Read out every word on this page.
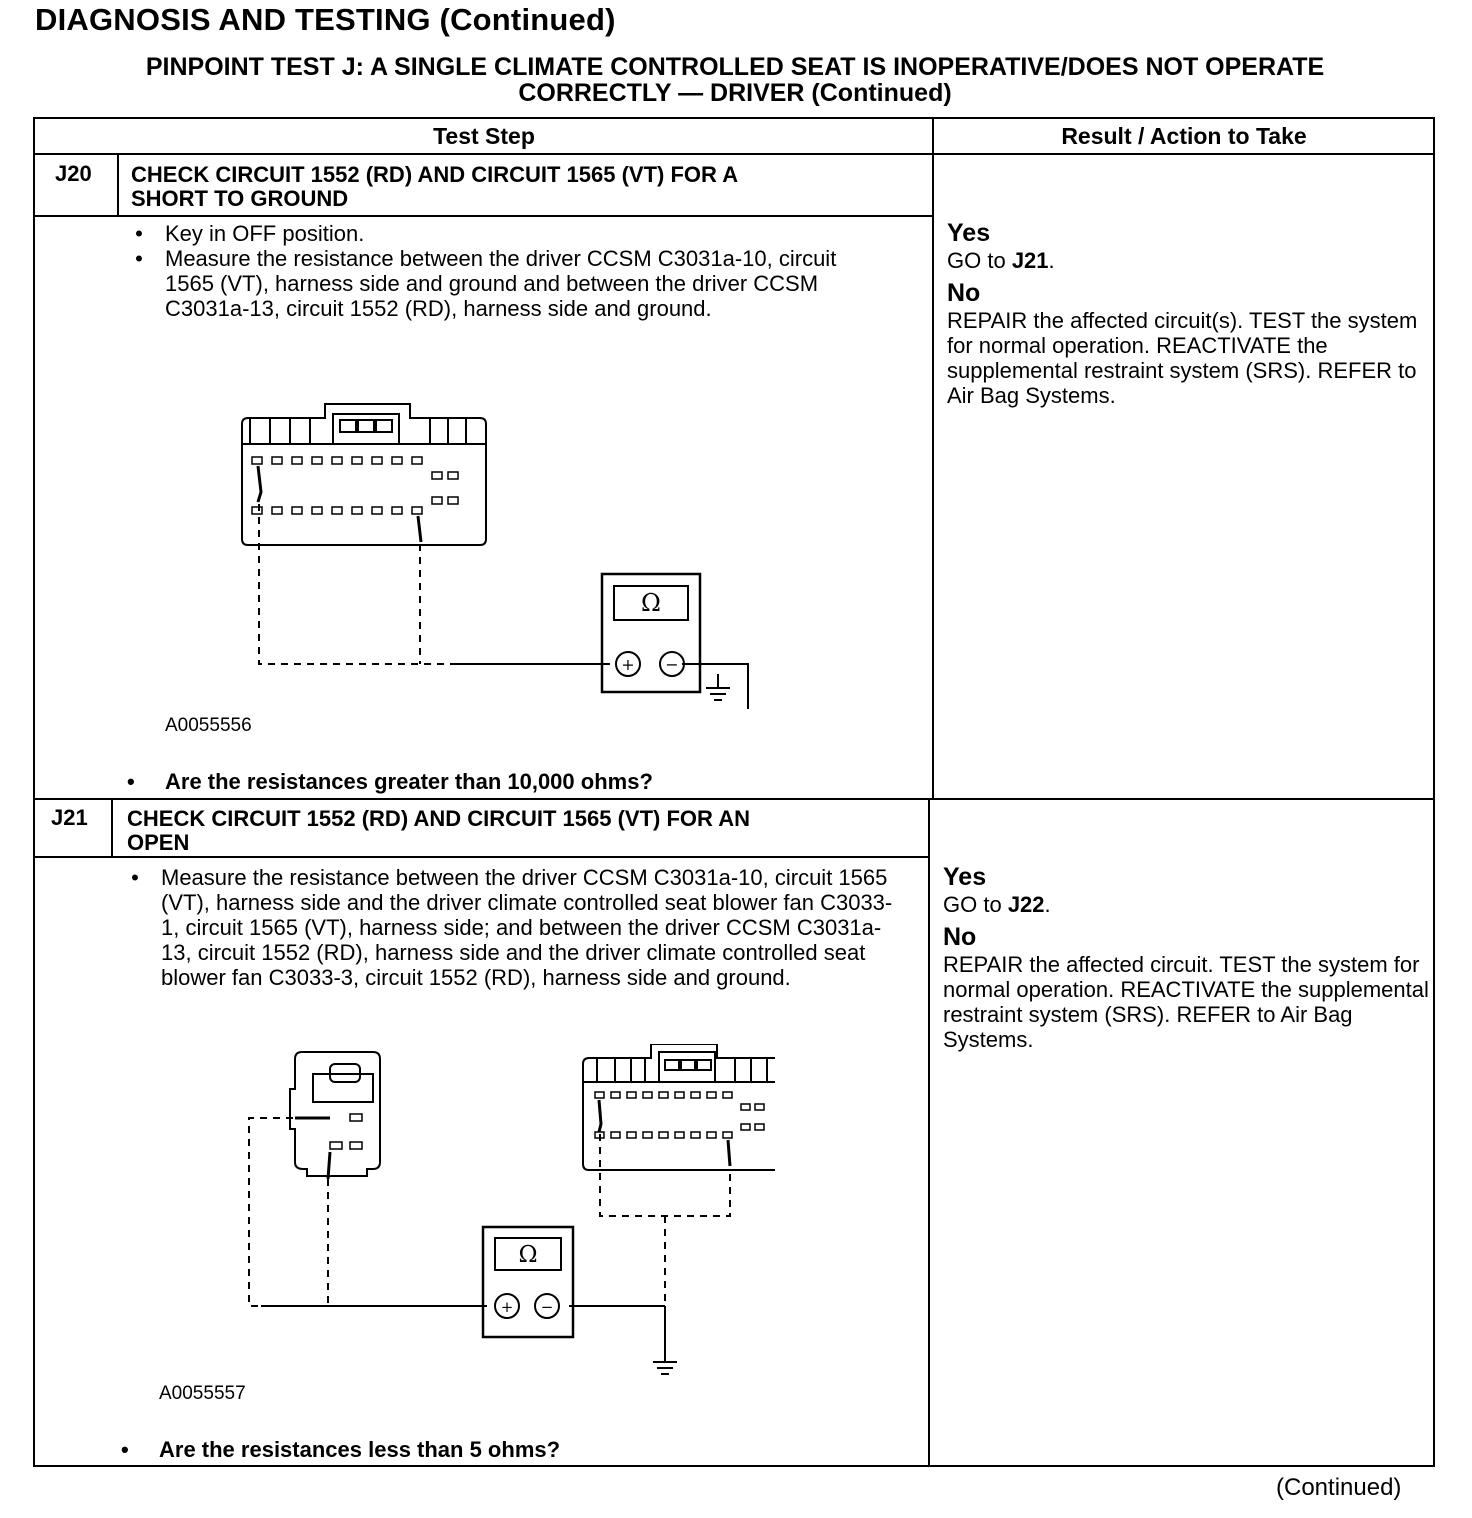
DIAGNOSIS AND TESTING (Continued)
PINPOINT TEST J: A SINGLE CLIMATE CONTROLLED SEAT IS INOPERATIVE/DOES NOT OPERATE
CORRECTLY — DRIVER (Continued)
Test Step	Result / Action to Take
J20 CHECK CIRCUIT 1552 (RD) AND CIRCUIT 1565 (VT) FOR A
SHORT TO GROUND
• Key in OFF position.
• Measure the resistance between the driver CCSM C3031a-10, circuit 1565 (VT), harness side and ground and between the driver CCSM C3031a-13, circuit 1552 (RD), harness side and ground.
Ω
+ −
A0055556
• Are the resistances greater than 10,000 ohms?
Yes
GO to J21.
No
REPAIR the affected circuit(s). TEST the system for normal operation. REACTIVATE the supplemental restraint system (SRS). REFER to Air Bag Systems.
J21 CHECK CIRCUIT 1552 (RD) AND CIRCUIT 1565 (VT) FOR AN
OPEN
• Measure the resistance between the driver CCSM C3031a-10, circuit 1565 (VT), harness side and the driver climate controlled seat blower fan C3033-1, circuit 1565 (VT), harness side; and between the driver CCSM C3031a-13, circuit 1552 (RD), harness side and the driver climate controlled seat blower fan C3033-3, circuit 1552 (RD), harness side and ground.
Ω
+ −
A0055557
• Are the resistances less than 5 ohms?
Yes
GO to J22.
No
REPAIR the affected circuit. TEST the system for normal operation. REACTIVATE the supplemental restraint system (SRS). REFER to Air Bag Systems.
(Continued)
